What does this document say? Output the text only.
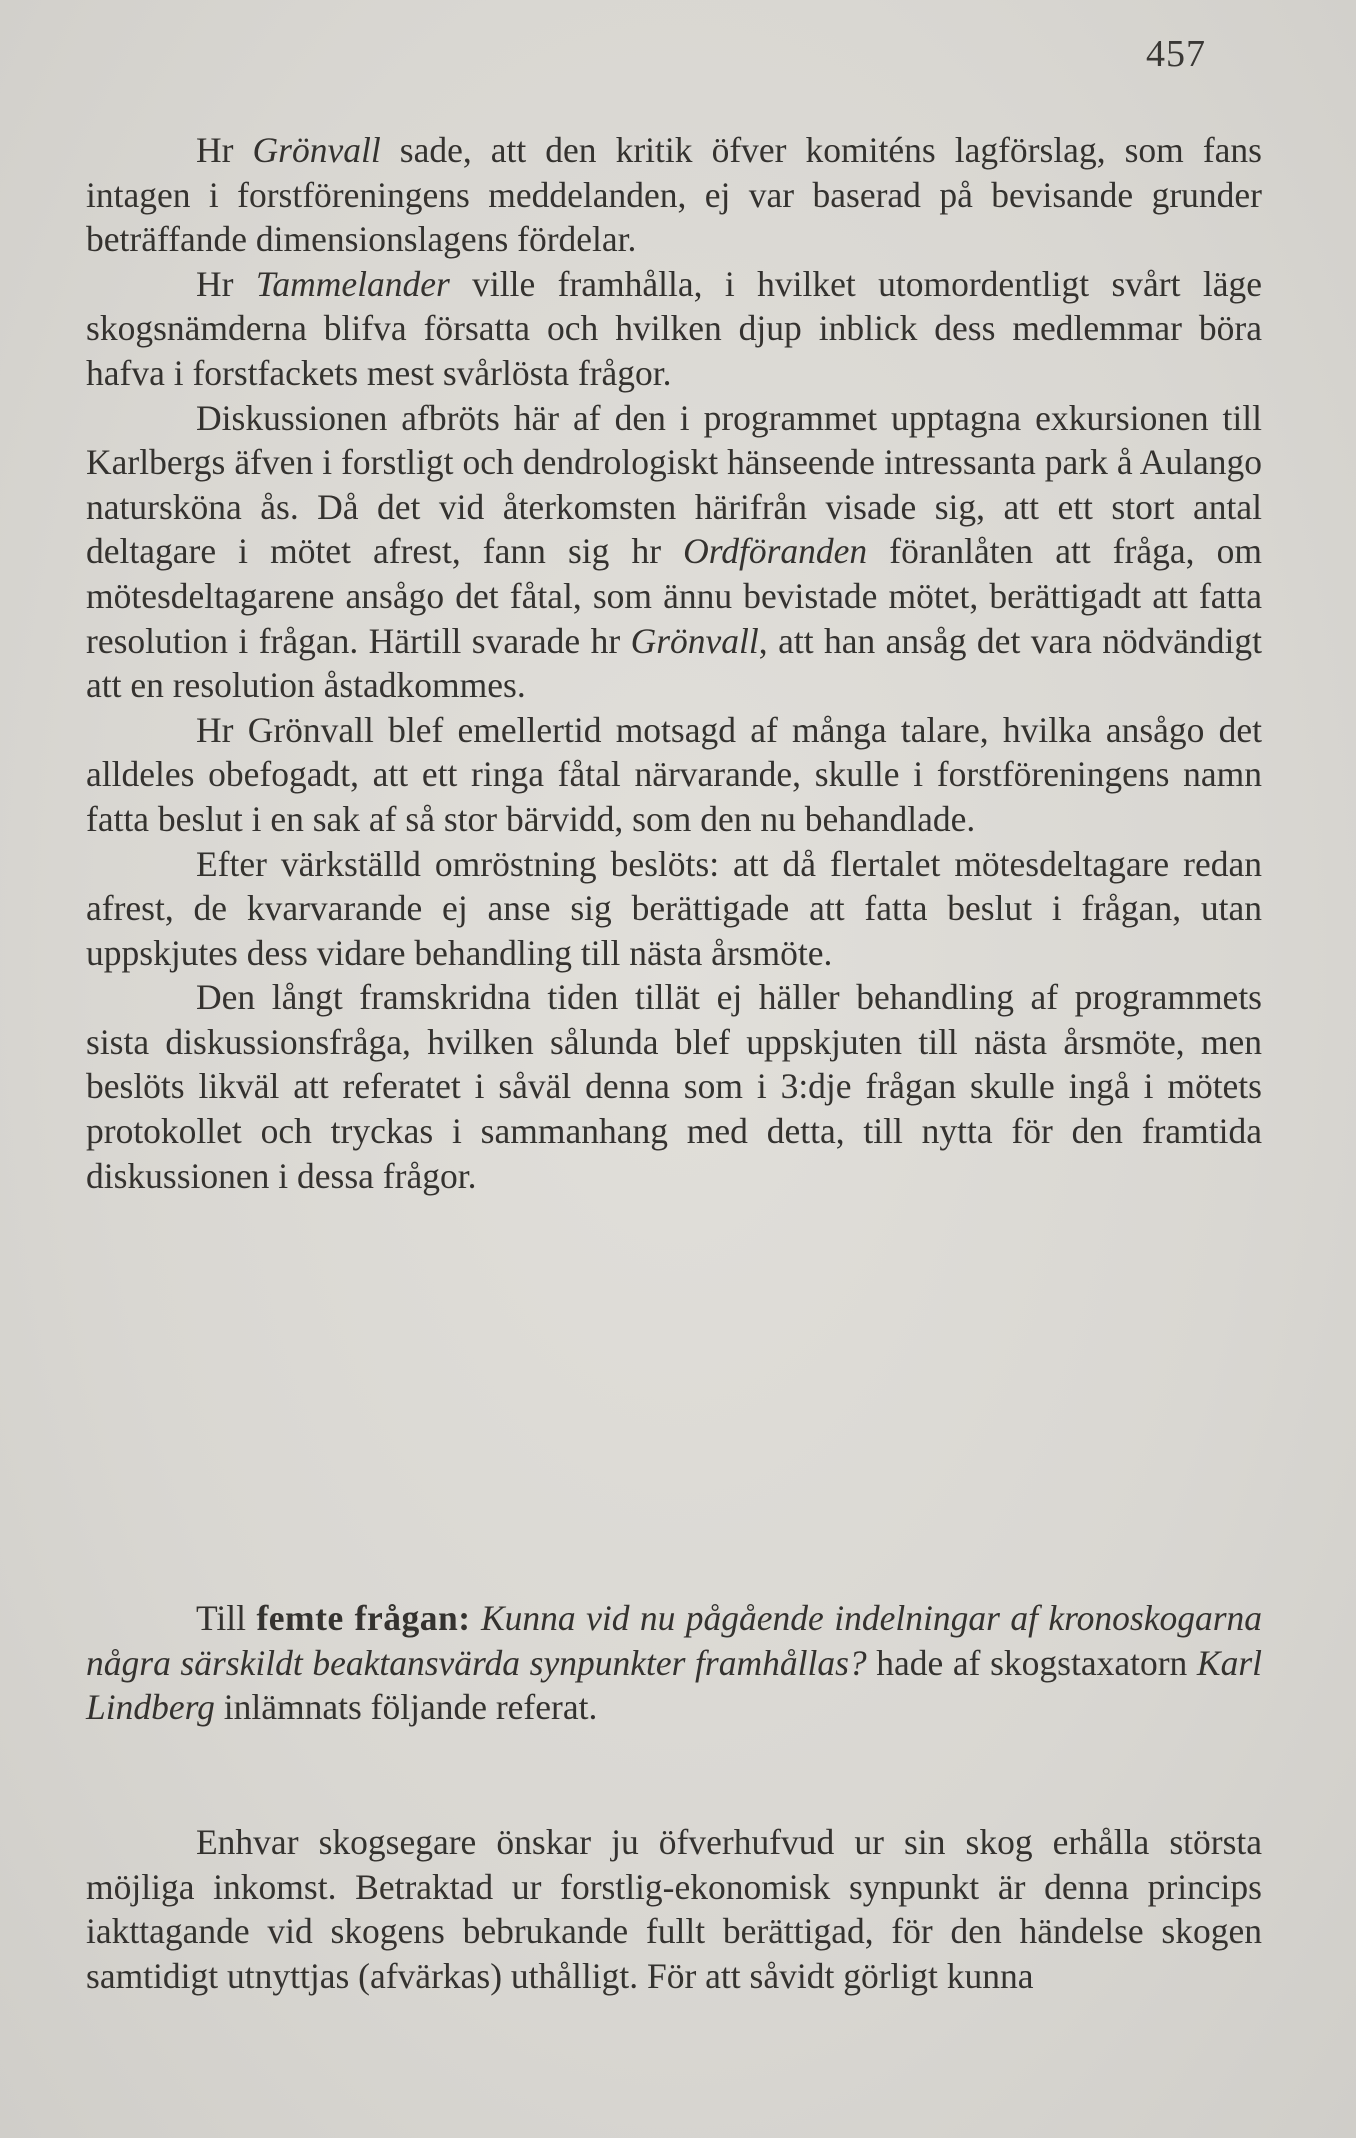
457

Hr Grönvall sade, att den kritik öfver komiténs lagförslag, som fans intagen i forstföreningens meddelanden, ej var baserad på bevisande grunder beträffande dimensionslagens fördelar.

Hr Tammelander ville framhålla, i hvilket utomordentligt svårt läge skogsnämderna blifva försatta och hvilken djup inblick dess medlemmar böra hafva i forstfackets mest svårlösta frågor.

Diskussionen afbröts här af den i programmet upptagna exkursionen till Karlbergs äfven i forstligt och dendrologiskt hänseende intressanta park å Aulango natursköna ås. Då det vid återkomsten härifrån visade sig, att ett stort antal deltagare i mötet afrest, fann sig hr Ordföranden föranlåten att fråga, om mötesdeltagarene ansågo det fåtal, som ännu bevistade mötet, berättigadt att fatta resolution i frågan. Härtill svarade hr Grönvall, att han ansåg det vara nödvändigt att en resolution åstadkommes.

Hr Grönvall blef emellertid motsagd af många talare, hvilka ansågo det alldeles obefogadt, att ett ringa fåtal närvarande, skulle i forstföreningens namn fatta beslut i en sak af så stor bärvidd, som den nu behandlade.

Efter värkställd omröstning beslöts: att då flertalet mötesdeltagare redan afrest, de kvarvarande ej anse sig berättigade att fatta beslut i frågan, utan uppskjutes dess vidare behandling till nästa årsmöte.

Den långt framskridna tiden tillät ej häller behandling af programmets sista diskussionsfråga, hvilken sålunda blef uppskjuten till nästa årsmöte, men beslöts likväl att referatet i såväl denna som i 3:dje frågan skulle ingå i mötets protokollet och tryckas i sammanhang med detta, till nytta för den framtida diskussionen i dessa frågor.

Till femte frågan: Kunna vid nu pågående indelningar af kronoskogarna några särskildt beaktansvärda synpunkter framhållas? hade af skogstaxatorn Karl Lindberg inlämnats följande referat.

Enhvar skogsegare önskar ju öfverhufvud ur sin skog erhålla största möjliga inkomst. Betraktad ur forstlig-ekonomisk synpunkt är denna princips iakttagande vid skogens bebrukande fullt berättigad, för den händelse skogen samtidigt utnyttjas (afvärkas) uthålligt. För att såvidt görligt kunna
